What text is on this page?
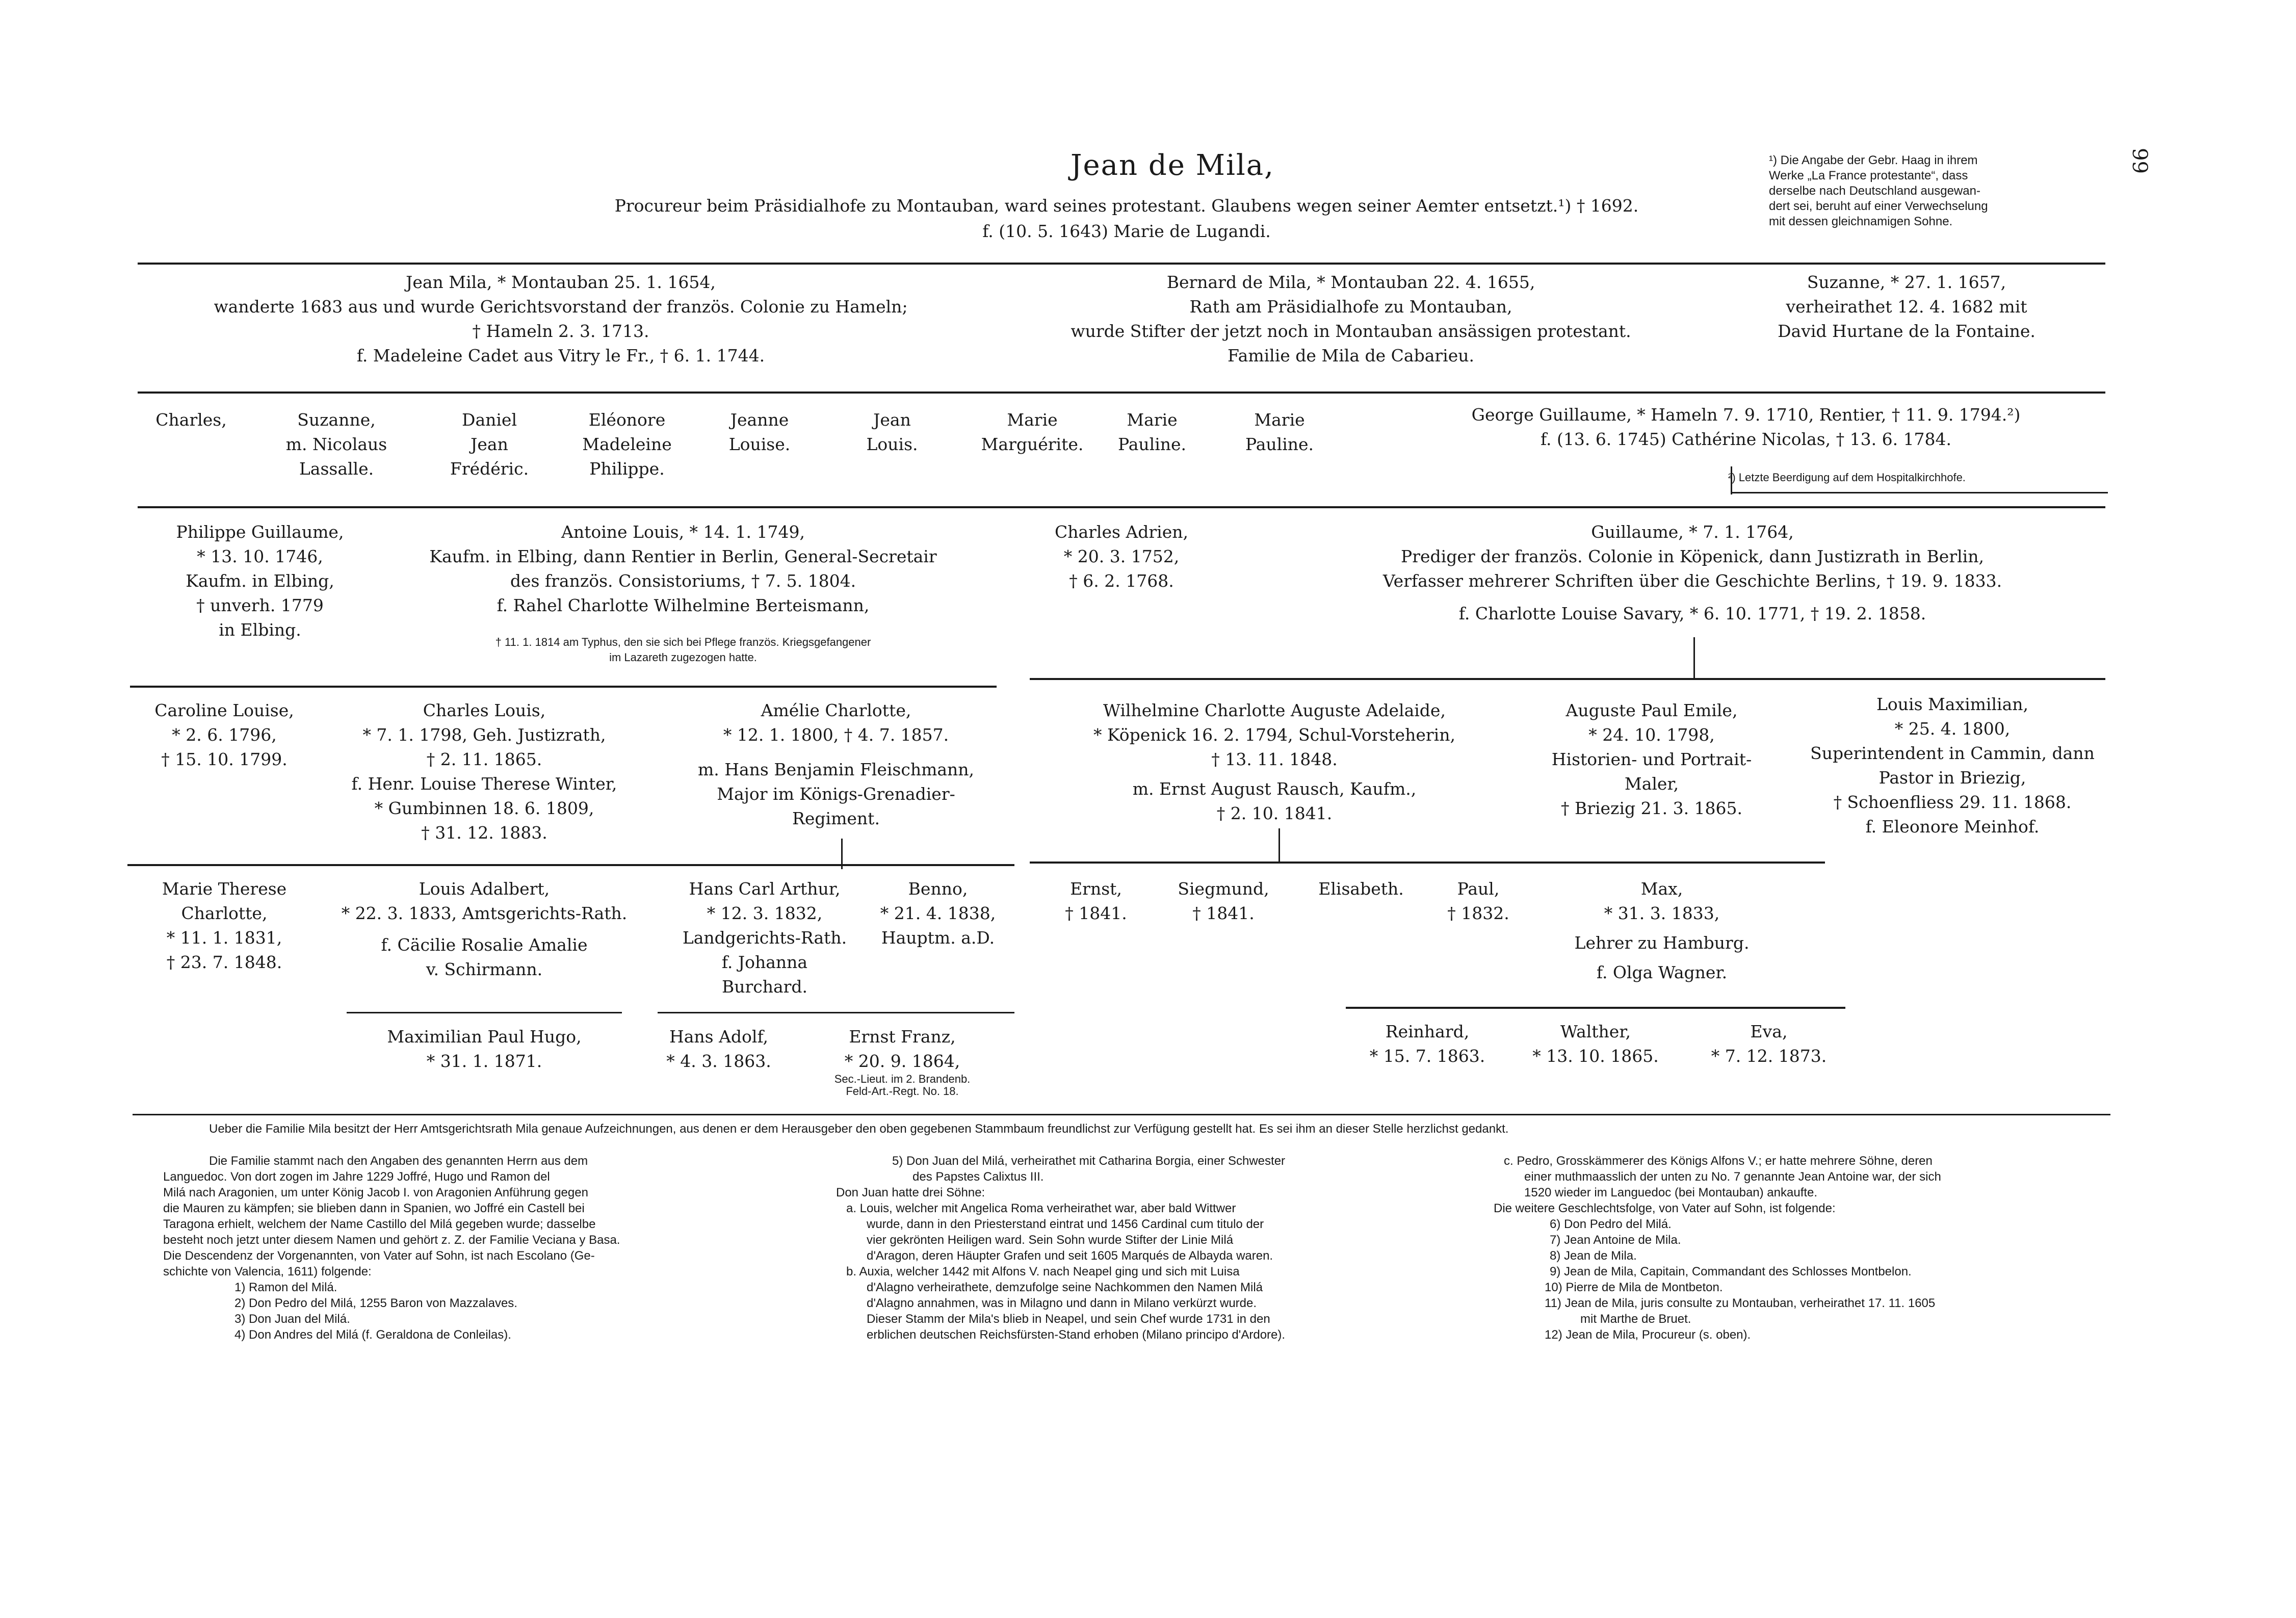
99
Jean de Mila,
Procureur beim Präsidialhofe zu Montauban, ward seines protestant. Glaubens wegen seiner Aemter entsetzt.¹) † 1692.
f. (10. 5. 1643) Marie de Lugandi.
¹) Die Angabe der Gebr. Haag in ihrem
Werke „La France protestante“, dass
derselbe nach Deutschland ausgewan-
dert sei, beruht auf einer Verwechselung
mit dessen gleichnamigen Sohne.
Jean Mila, * Montauban 25. 1. 1654,
wanderte 1683 aus und wurde Gerichtsvorstand der französ. Colonie zu Hameln;
† Hameln 2. 3. 1713.
f. Madeleine Cadet aus Vitry le Fr., † 6. 1. 1744.
Bernard de Mila, * Montauban 22. 4. 1655,
Rath am Präsidialhofe zu Montauban,
wurde Stifter der jetzt noch in Montauban ansässigen protestant.
Familie de Mila de Cabarieu.
Suzanne, * 27. 1. 1657,
verheirathet 12. 4. 1682 mit
David Hurtane de la Fontaine.
Charles,	Suzanne,
m. Nicolaus
Lassalle.
Daniel
Jean
Frédéric.
Eléonore
Madeleine
Philippe.
Jeanne
Louise.
Jean
Louis.
Marie
Marguérite.
Marie
Pauline.
Marie
Pauline.
George Guillaume, * Hameln 7. 9. 1710, Rentier, † 11. 9. 1794.²)
f. (13. 6. 1745) Cathérine Nicolas, † 13. 6. 1784.
²) Letzte Beerdigung auf dem Hospitalkirchhofe.
Philippe Guillaume,
* 13. 10. 1746,
Kaufm. in Elbing,
† unverh. 1779
in Elbing.
Antoine Louis, * 14. 1. 1749,
Kaufm. in Elbing, dann Rentier in Berlin, General-Secretair
des französ. Consistoriums, † 7. 5. 1804.
f. Rahel Charlotte Wilhelmine Berteismann,
† 11. 1. 1814 am Typhus, den sie sich bei Pflege französ. Kriegsgefangener
im Lazareth zugezogen hatte.
Charles Adrien,
* 20. 3. 1752,
† 6. 2. 1768.
Guillaume, * 7. 1. 1764,
Prediger der französ. Colonie in Köpenick, dann Justizrath in Berlin,
Verfasser mehrerer Schriften über die Geschichte Berlins, † 19. 9. 1833.
f. Charlotte Louise Savary, * 6. 10. 1771, † 19. 2. 1858.
Caroline Louise,
* 2. 6. 1796,
† 15. 10. 1799.
Charles Louis,
* 7. 1. 1798, Geh. Justizrath,
† 2. 11. 1865.
f. Henr. Louise Therese Winter,
* Gumbinnen 18. 6. 1809,
† 31. 12. 1883.
Amélie Charlotte,
* 12. 1. 1800, † 4. 7. 1857.
m. Hans Benjamin Fleischmann,
Major im Königs-Grenadier-
Regiment.
Wilhelmine Charlotte Auguste Adelaide,
* Köpenick 16. 2. 1794, Schul-Vorsteherin,
† 13. 11. 1848.
m. Ernst August Rausch, Kaufm.,
† 2. 10. 1841.
Auguste Paul Emile,
* 24. 10. 1798,
Historien- und Portrait-
Maler,
† Briezig 21. 3. 1865.
Louis Maximilian,
* 25. 4. 1800,
Superintendent in Cammin, dann
Pastor in Briezig,
† Schoenfliess 29. 11. 1868.
f. Eleonore Meinhof.
Marie Therese
Charlotte,
* 11. 1. 1831,
† 23. 7. 1848.
Louis Adalbert,
* 22. 3. 1833, Amtsgerichts-Rath.
f. Cäcilie Rosalie Amalie
v. Schirmann.
Hans Carl Arthur,
* 12. 3. 1832,
Landgerichts-Rath.
f. Johanna
Burchard.
Benno,
* 21. 4. 1838,
Hauptm. a.D.
Ernst,
† 1841.
Siegmund,
† 1841.
Elisabeth.	Paul,
† 1832.
Max,
* 31. 3. 1833,
Lehrer zu Hamburg.
f. Olga Wagner.
Maximilian Paul Hugo,
* 31. 1. 1871.
Hans Adolf,
* 4. 3. 1863.
Ernst Franz,
* 20. 9. 1864,
Sec.-Lieut. im 2. Brandenb.
Feld-Art.-Regt. No. 18.
Reinhard,
* 15. 7. 1863.
Walther,
* 13. 10. 1865.
Eva,
* 7. 12. 1873.
Ueber die Familie Mila besitzt der Herr Amtsgerichtsrath Mila genaue Aufzeichnungen, aus denen er dem Herausgeber den oben gegebenen Stammbaum freundlichst zur Verfügung gestellt hat. Es sei ihm an dieser Stelle herzlichst gedankt.
Die Familie stammt nach den Angaben des genannten Herrn aus dem
Languedoc. Von dort zogen im Jahre 1229 Joffré, Hugo und Ramon del
Milá nach Aragonien, um unter König Jacob I. von Aragonien Anführung gegen
die Mauren zu kämpfen; sie blieben dann in Spanien, wo Joffré ein Castell bei
Taragona erhielt, welchem der Name Castillo del Milá gegeben wurde; dasselbe
besteht noch jetzt unter diesem Namen und gehört z. Z. der Familie Veciana y Basa.
Die Descendenz der Vorgenannten, von Vater auf Sohn, ist nach Escolano (Ge-
schichte von Valencia, 1611) folgende:
1) Ramon del Milá.
2) Don Pedro del Milá, 1255 Baron von Mazzalaves.
3) Don Juan del Milá.
4) Don Andres del Milá (f. Geraldona de Conleilas).
5) Don Juan del Milá, verheirathet mit Catharina Borgia, einer Schwester
des Papstes Calixtus III.
Don Juan hatte drei Söhne:
a. Louis, welcher mit Angelica Roma verheirathet war, aber bald Wittwer
wurde, dann in den Priesterstand eintrat und 1456 Cardinal cum titulo der
vier gekrönten Heiligen ward. Sein Sohn wurde Stifter der Linie Milá
d'Aragon, deren Häupter Grafen und seit 1605 Marqués de Albayda waren.
b. Auxia, welcher 1442 mit Alfons V. nach Neapel ging und sich mit Luisa
d'Alagno verheirathete, demzufolge seine Nachkommen den Namen Milá
d'Alagno annahmen, was in Milagno und dann in Milano verkürzt wurde.
Dieser Stamm der Mila's blieb in Neapel, und sein Chef wurde 1731 in den
erblichen deutschen Reichsfürsten-Stand erhoben (Milano principo d'Ardore).
c. Pedro, Grosskämmerer des Königs Alfons V.; er hatte mehrere Söhne, deren
einer muthmaasslich der unten zu No. 7 genannte Jean Antoine war, der sich
1520 wieder im Languedoc (bei Montauban) ankaufte.
Die weitere Geschlechtsfolge, von Vater auf Sohn, ist folgende:
6) Don Pedro del Milá.
7) Jean Antoine de Mila.
8) Jean de Mila.
9) Jean de Mila, Capitain, Commandant des Schlosses Montbelon.
10) Pierre de Mila de Montbeton.
11) Jean de Mila, juris consulte zu Montauban, verheirathet 17. 11. 1605
mit Marthe de Bruet.
12) Jean de Mila, Procureur (s. oben).
